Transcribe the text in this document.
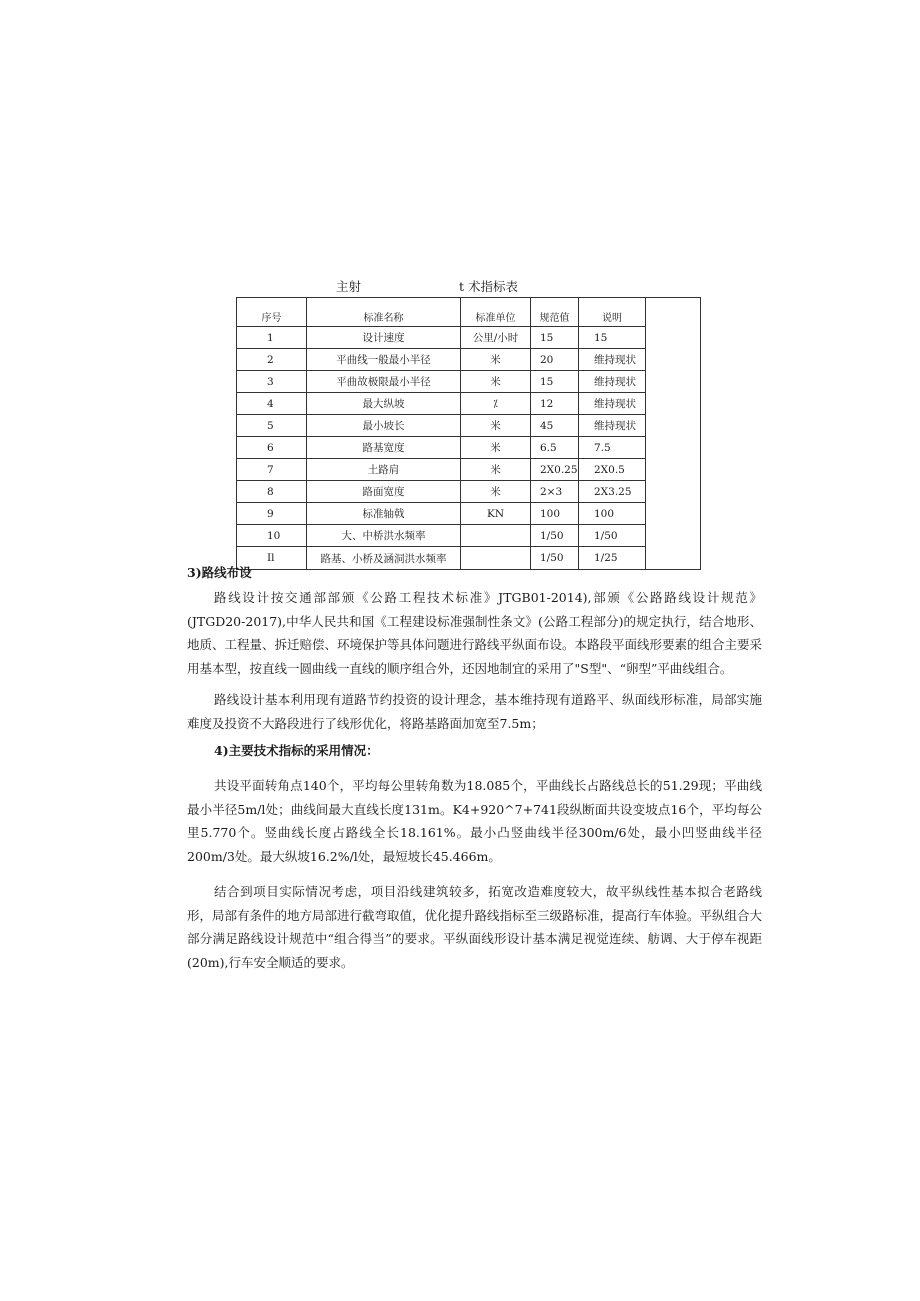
主射	t 术指标表
序号	标准名称	标准单位	规范值	说明	
1	设计速度	公里/小时	15	15	
2	平曲线一般最小半径	米	20	维持现状	
3	平曲故极限最小半径	米	15	维持现状	
4	最大纵坡	⁒	12	维持现状	
5	最小坡长	米	45	维持现状	
6	路基宽度	米	6.5	7.5	
7	土路肩	米	2X0.25	2X0.5	
8	路面宽度	米	2×3	2X3.25	
9	标准轴戟	KN	100	100	
10	大、中桥洪水频率		1/50	1/50	
Il	路基、小桥及涵洞洪水频率		1/50	1/25	
3)路线布设

路线设计按交通部部颁《公路工程技术标准》JTGB01-2014),部颁《公路路线设计规范》(JTGD20-2017),中华人民共和国《工程建设标准强制性条文》(公路工程部分)的规定执行，结合地形、地质、工程量、拆迁赔偿、环境保护等具体问题进行路线平纵面布设。本路段平面线形要素的组合主要采用基本型，按直线一圆曲线一直线的顺序组合外，还因地制宜的采用了"S型"、“卵型”平曲线组合。

路线设计基本利用现有道路节约投资的设计理念，基本维持现有道路平、纵面线形标准，局部实施难度及投资不大路段进行了线形优化，将路基路面加宽至7.5m；

4)主要技术指标的采用情况：

共设平面转角点140个，平均每公里转角数为18.085个，平曲线长占路线总长的51.29现；平曲线最小半径5m/l处；曲线间最大直线长度131m。K4+920^7+741段纵断面共设变坡点16个，平均每公里5.770个。竖曲线长度占路线全长18.161%。最小凸竖曲线半径300m/6处，最小凹竖曲线半径200m/3处。最大纵坡16.2%/l处，最短坡长45.466m。

结合到项目实际情况考虑，项目沿线建筑较多，拓宽改造难度较大，故平纵线性基本拟合老路线形，局部有条件的地方局部进行截弯取值，优化提升路线指标至三级路标准，提高行车体验。平纵组合大部分满足路线设计规范中“组合得当”的要求。平纵面线形设计基本满足视觉连续、舫调、大于停车视距(20m),行车安全顺适的要求。
